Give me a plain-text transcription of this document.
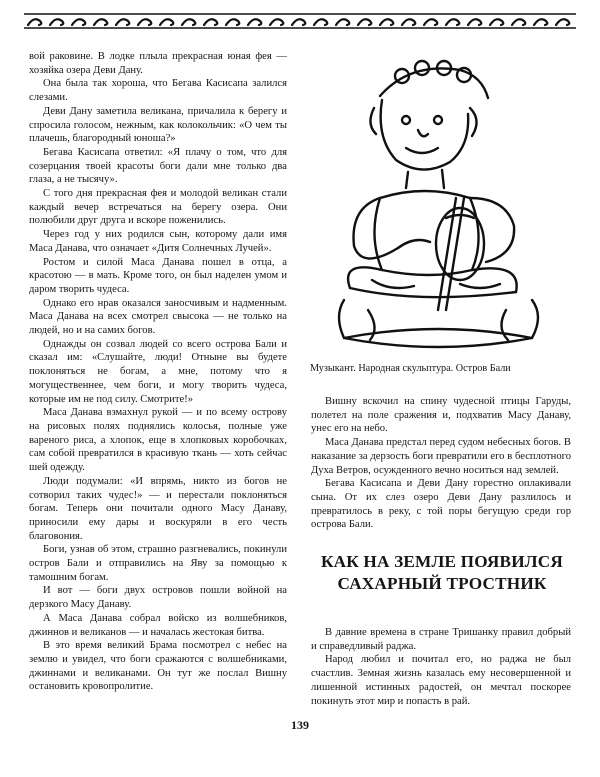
вой раковине. В лодке плыла прекрасная юная фея — хозяйка озера Деви Дану.

Она была так хороша, что Бегава Касисапа залился слезами.

Деви Дану заметила великана, причалила к берегу и спросила голосом, нежным, как колокольчик: «О чем ты плачешь, благородный юноша?»

Бегава Касисапа ответил: «Я плачу о том, что для созерцания твоей красоты боги дали мне только два глаза, а не тысячу».

С того дня прекрасная фея и молодой великан стали каждый вечер встречаться на берегу озера. Они полюбили друг друга и вскоре поженились.

Через год у них родился сын, которому дали имя Маса Данава, что означает «Дитя Солнечных Лучей».

Ростом и силой Маса Данава пошел в отца, а красотою — в мать. Кроме того, он был наделен умом и даром творить чудеса.

Однако его нрав оказался заносчивым и надменным. Маса Данава на всех смотрел свысока — не только на людей, но и на самих богов.

Однажды он созвал людей со всего острова Бали и сказал им: «Слушайте, люди! Отныне вы будете поклоняться не богам, а мне, потому что я могущественнее, чем боги, и могу творить чудеса, которые им не под силу. Смотрите!»

Маса Данава взмахнул рукой — и по всему острову на рисовых полях поднялись колосья, полные уже вареного риса, а хлопок, еще в хлопковых коробочках, сам собой превратился в красивую ткань — хоть сейчас шей одежду.

Люди подумали: «И впрямь, никто из богов не сотворил таких чудес!» — и перестали поклоняться богам. Теперь они почитали одного Масу Данаву, приносили ему дары и воскуряли в его честь благовония.

Боги, узнав об этом, страшно разгневались, покинули остров Бали и отправились на Яву за помощью к тамошним богам.

И вот — боги двух островов пошли войной на дерзкого Масу Данаву.

А Маса Данава собрал войско из волшебников, джиннов и великанов — и началась жестокая битва.

В это время великий Брама посмотрел с небес на землю и увидел, что боги сражаются с волшебниками, джиннами и великанами. Он тут же послал Вишну остановить кровопролитие.

Музыкант. Народная скульптура. Остров Бали

Вишну вскочил на спину чудесной птицы Гаруды, полетел на поле сражения и, подхватив Масу Данаву, унес его на небо.

Маса Данава предстал перед судом небесных богов. В наказание за дерзость боги превратили его в бесплотного Духа Ветров, осужденного вечно носиться над землей.

Бегава Касисапа и Деви Дану горестно оплакивали сына. От их слез озеро Деви Дану разлилось и превратилось в реку, с той поры бегущую среди гор острова Бали.

КАК НА ЗЕМЛЕ ПОЯВИЛСЯ
САХАРНЫЙ ТРОСТНИК

В давние времена в стране Тришанку правил добрый и справедливый раджа.

Народ любил и почитал его, но раджа не был счастлив. Земная жизнь казалась ему несовершенной и лишенной истинных радостей, он мечтал поскорее покинуть этот мир и попасть в рай.

139
